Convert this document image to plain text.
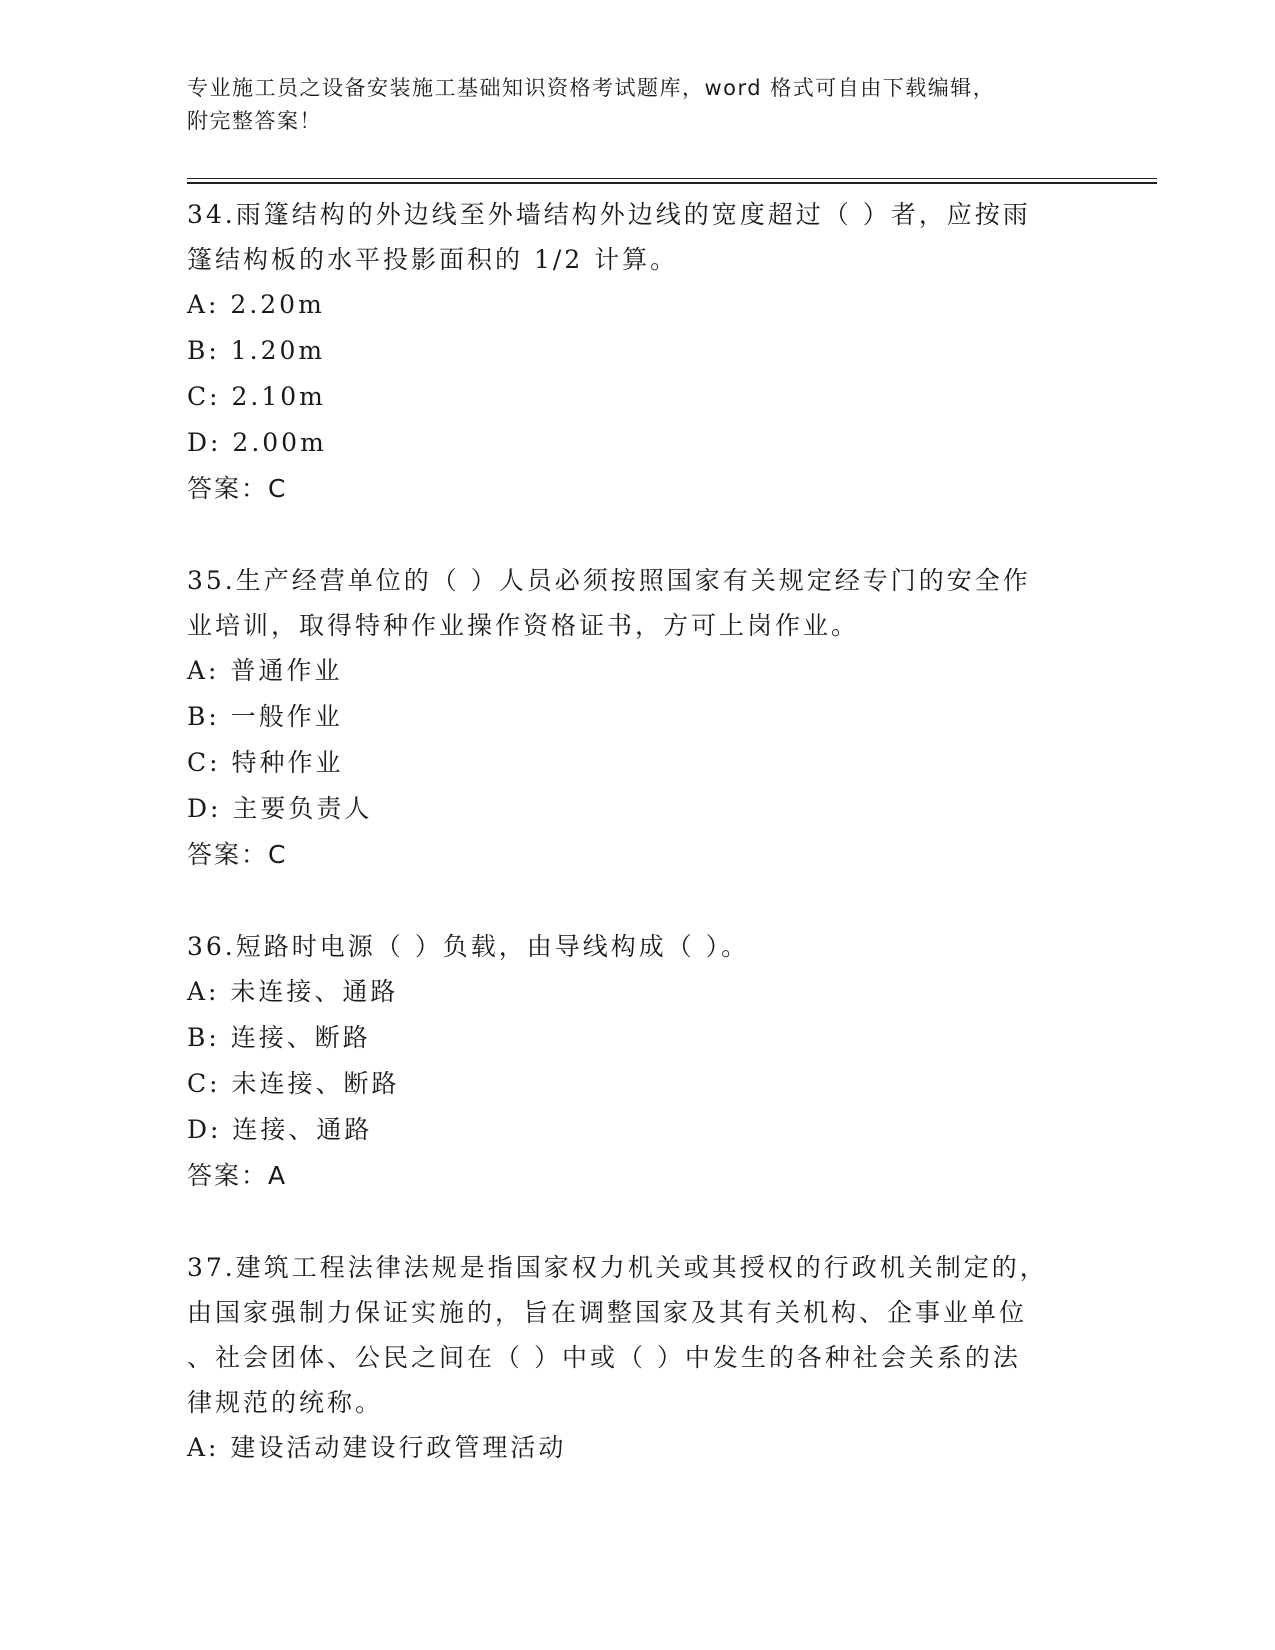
专业施工员之设备安装施工基础知识资格考试题库，word 格式可自由下载编辑，
附完整答案！
34.雨篷结构的外边线至外墙结构外边线的宽度超过（ ）者，应按雨
篷结构板的水平投影面积的 1/2 计算。
A: 2.20m
B: 1.20m
C: 2.10m
D: 2.00m
答案：C
35.生产经营单位的（ ）人员必须按照国家有关规定经专门的安全作
业培训，取得特种作业操作资格证书，方可上岗作业。
A: 普通作业
B: 一般作业
C: 特种作业
D: 主要负责人
答案：C
36.短路时电源（ ）负载，由导线构成（ ）。
A: 未连接、通路
B: 连接、断路
C: 未连接、断路
D: 连接、通路
答案：A
37.建筑工程法律法规是指国家权力机关或其授权的行政机关制定的，
由国家强制力保证实施的，旨在调整国家及其有关机构、企事业单位
、社会团体、公民之间在（ ）中或（ ）中发生的各种社会关系的法
律规范的统称。
A: 建设活动建设行政管理活动
